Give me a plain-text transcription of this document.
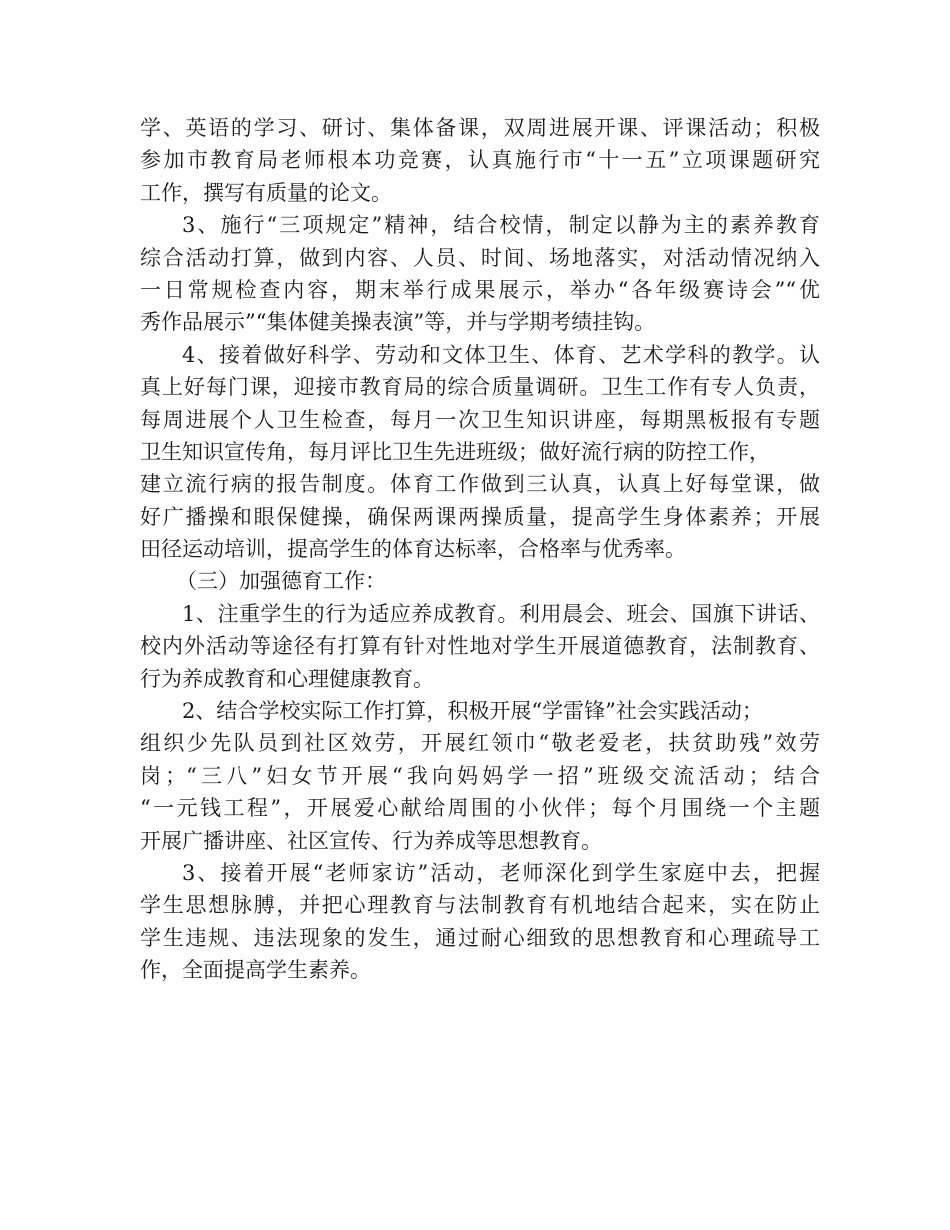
学、英语的学习、研讨、集体备课，双周进展开课、评课活动；积极
参加市教育局老师根本功竞赛，认真施行市“十一五”立项课题研究
工作，撰写有质量的论文。
3、施行“三项规定”精神，结合校情，制定以静为主的素养教育
综合活动打算，做到内容、人员、时间、场地落实，对活动情况纳入
一日常规检查内容，期末举行成果展示，举办“各年级赛诗会”“优
秀作品展示”“集体健美操表演”等，并与学期考绩挂钩。
4、接着做好科学、劳动和文体卫生、体育、艺术学科的教学。认
真上好每门课，迎接市教育局的综合质量调研。卫生工作有专人负责，
每周进展个人卫生检查，每月一次卫生知识讲座，每期黑板报有专题
卫生知识宣传角，每月评比卫生先进班级；做好流行病的防控工作，
建立流行病的报告制度。体育工作做到三认真，认真上好每堂课，做
好广播操和眼保健操，确保两课两操质量，提高学生身体素养；开展
田径运动培训，提高学生的体育达标率，合格率与优秀率。
（三）加强德育工作：
1、注重学生的行为适应养成教育。利用晨会、班会、国旗下讲话、
校内外活动等途径有打算有针对性地对学生开展道德教育，法制教育、
行为养成教育和心理健康教育。
2、结合学校实际工作打算，积极开展“学雷锋”社会实践活动；
组织少先队员到社区效劳，开展红领巾“敬老爱老，扶贫助残”效劳
岗；“三八”妇女节开展“我向妈妈学一招”班级交流活动；结合
“一元钱工程”，开展爱心献给周围的小伙伴；每个月围绕一个主题
开展广播讲座、社区宣传、行为养成等思想教育。
3、接着开展“老师家访”活动，老师深化到学生家庭中去，把握
学生思想脉膊，并把心理教育与法制教育有机地结合起来，实在防止
学生违规、违法现象的发生，通过耐心细致的思想教育和心理疏导工
作，全面提高学生素养。
